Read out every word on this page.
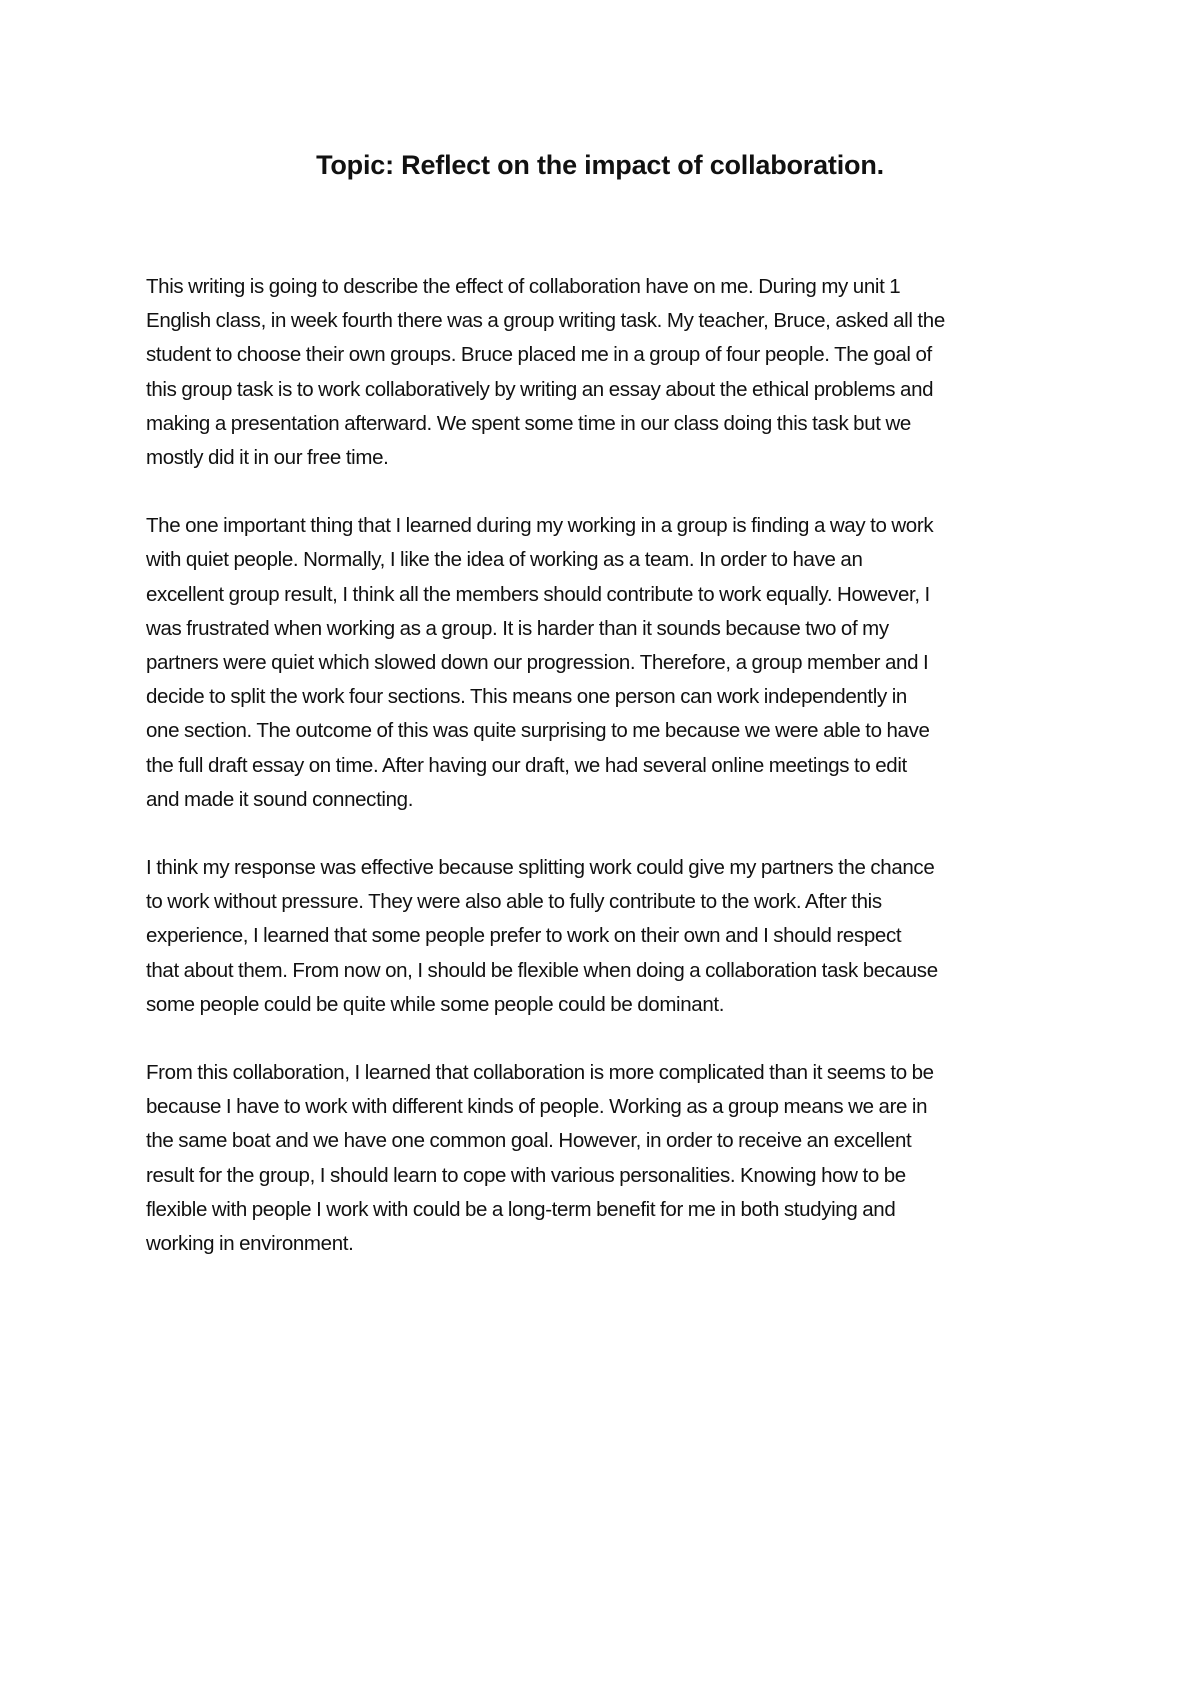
Topic: Reflect on the impact of collaboration.

This writing is going to describe the effect of collaboration have on me. During my unit 1
English class, in week fourth there was a group writing task. My teacher, Bruce, asked all the
student to choose their own groups. Bruce placed me in a group of four people. The goal of
this group task is to work collaboratively by writing an essay about the ethical problems and
making a presentation afterward. We spent some time in our class doing this task but we
mostly did it in our free time.

The one important thing that I learned during my working in a group is finding a way to work
with quiet people. Normally, I like the idea of working as a team. In order to have an
excellent group result, I think all the members should contribute to work equally. However, I
was frustrated when working as a group. It is harder than it sounds because two of my
partners were quiet which slowed down our progression. Therefore, a group member and I
decide to split the work four sections. This means one person can work independently in
one section. The outcome of this was quite surprising to me because we were able to have
the full draft essay on time. After having our draft, we had several online meetings to edit
and made it sound connecting.

I think my response was effective because splitting work could give my partners the chance
to work without pressure. They were also able to fully contribute to the work. After this
experience, I learned that some people prefer to work on their own and I should respect
that about them. From now on, I should be flexible when doing a collaboration task because
some people could be quite while some people could be dominant.

From this collaboration, I learned that collaboration is more complicated than it seems to be
because I have to work with different kinds of people. Working as a group means we are in
the same boat and we have one common goal. However, in order to receive an excellent
result for the group, I should learn to cope with various personalities. Knowing how to be
flexible with people I work with could be a long-term benefit for me in both studying and
working in environment.
